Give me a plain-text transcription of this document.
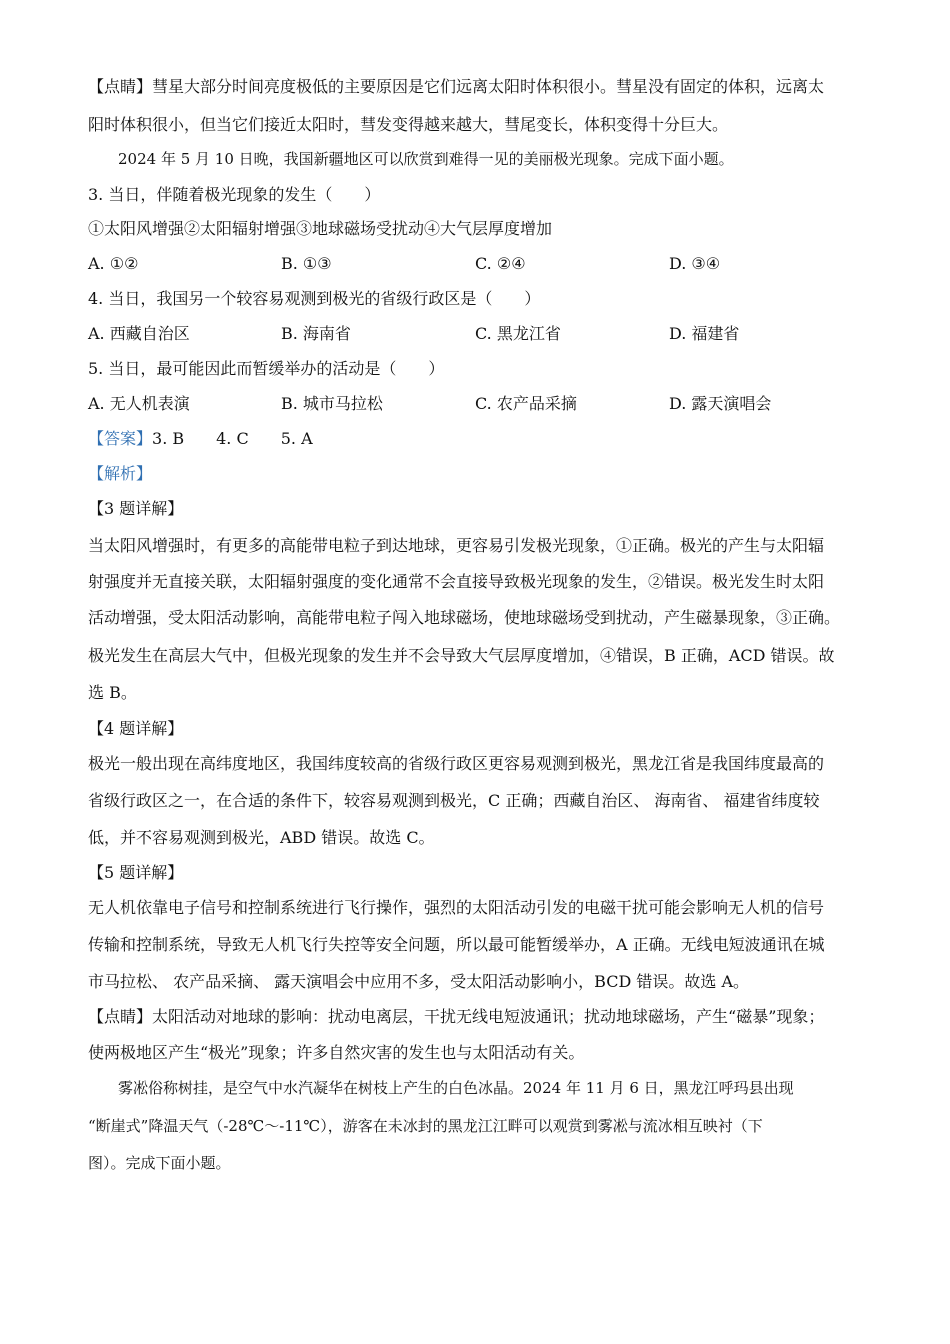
【点睛】彗星大部分时间亮度极低的主要原因是它们远离太阳时体积很小。彗星没有固定的体积，远离太
阳时体积很小，但当它们接近太阳时，彗发变得越来越大，彗尾变长，体积变得十分巨大。
2024 年 5 月 10 日晚，我国新疆地区可以欣赏到难得一见的美丽极光现象。完成下面小题。
3. 当日，伴随着极光现象的发生（　　）
①太阳风增强②太阳辐射增强③地球磁场受扰动④大气层厚度增加
A. ①②	B. ①③	C. ②④	D. ③④
4. 当日，我国另一个较容易观测到极光的省级行政区是（　　）
A. 西藏自治区	B. 海南省	C. 黑龙江省	D. 福建省
5. 当日，最可能因此而暂缓举办的活动是（　　）
A. 无人机表演	B. 城市马拉松	C. 农产品采摘	D. 露天演唱会
【答案】3. B　　4. C　　5. A
【解析】
【3 题详解】
当太阳风增强时，有更多的高能带电粒子到达地球，更容易引发极光现象，①正确。极光的产生与太阳辐
射强度并无直接关联，太阳辐射强度的变化通常不会直接导致极光现象的发生，②错误。极光发生时太阳
活动增强，受太阳活动影响，高能带电粒子闯入地球磁场，使地球磁场受到扰动，产生磁暴现象，③正确。
极光发生在高层大气中，但极光现象的发生并不会导致大气层厚度增加，④错误，B 正确，ACD 错误。故
选 B。
【4 题详解】
极光一般出现在高纬度地区，我国纬度较高的省级行政区更容易观测到极光，黑龙江省是我国纬度最高的
省级行政区之一，在合适的条件下，较容易观测到极光，C 正确；西藏自治区、 海南省、 福建省纬度较
低，并不容易观测到极光，ABD 错误。故选 C。
【5 题详解】
无人机依靠电子信号和控制系统进行飞行操作，强烈的太阳活动引发的电磁干扰可能会影响无人机的信号
传输和控制系统，导致无人机飞行失控等安全问题，所以最可能暂缓举办，A 正确。无线电短波通讯在城
市马拉松、 农产品采摘、 露天演唱会中应用不多，受太阳活动影响小，BCD 错误。故选 A。
【点睛】太阳活动对地球的影响：扰动电离层，干扰无线电短波通讯；扰动地球磁场，产生“磁暴”现象；
使两极地区产生“极光”现象；许多自然灾害的发生也与太阳活动有关。
雾凇俗称树挂，是空气中水汽凝华在树枝上产生的白色冰晶。2024 年 11 月 6 日，黑龙江呼玛县出现
“断崖式”降温天气（-28℃～-11℃），游客在未冰封的黑龙江江畔可以观赏到雾凇与流冰相互映衬（下
图）。完成下面小题。
